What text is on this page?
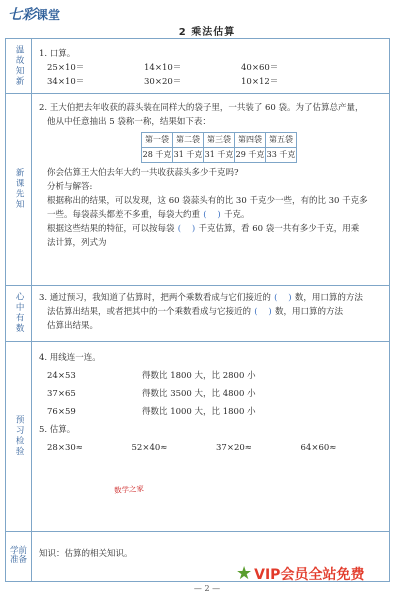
七彩课堂
2 乘法估算
温故知新 1. 口算。
25×10＝	14×10＝	40×60＝
34×10＝	30×20＝	10×12＝
新课先知
2. 王大伯把去年收获的蒜头装在同样大的袋子里，一共装了 60 袋。为了估算总产量，
他从中任意抽出 5 袋称一称，结果如下表：
第一袋	第二袋	第三袋	第四袋	第五袋
28 千克	31 千克	31 千克	29 千克	33 千克
你会估算王大伯去年大约一共收获蒜头多少千克吗?
分析与解答:
根据称出的结果，可以发现，这 60 袋蒜头有的比 30 千克少一些，有的比 30 千克多
一些。每袋蒜头都差不多重，每袋大约重 (    ) 千克。
根据这些结果的特征，可以按每袋 (    ) 千克估算，看 60 袋一共有多少千克，用乘
法计算，列式为
心中有数 3. 通过预习，我知道了估算时，把两个乘数看成与它们接近的 (    ) 数，用口算的方法
法估算出结果，或者把其中的一个乘数看成与它接近的 (    ) 数，用口算的方法
估算出结果。
预习检验
4. 用线连一连。
24×53	得数比 1800 大，比 2800 小
37×65	得数比 3500 大，比 4800 小
76×59	得数比 1000 大，比 1800 小
5. 估算。
28×30≈	52×40≈	37×20≈	64×60≈
数学之家
学前准备
知识：估算的相关知识。
— 2 —
★ VIP会员全站免费
